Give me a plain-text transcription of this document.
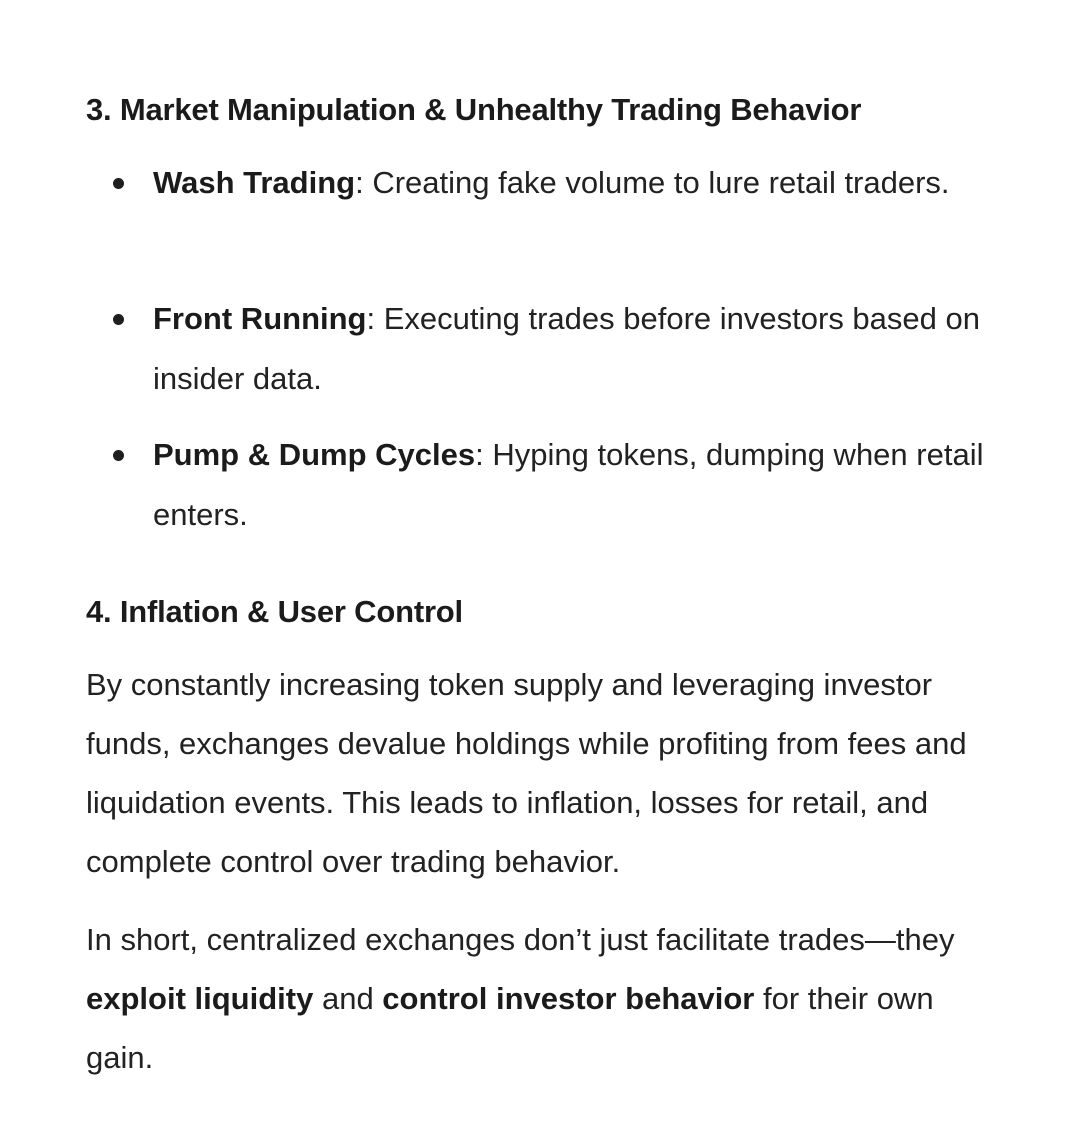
3. Market Manipulation & Unhealthy Trading Behavior

Wash Trading: Creating fake volume to lure retail traders.

Front Running: Executing trades before investors based on insider data.

Pump & Dump Cycles: Hyping tokens, dumping when retail enters.

4. Inflation & User Control

By constantly increasing token supply and leveraging investor funds, exchanges devalue holdings while profiting from fees and liquidation events. This leads to inflation, losses for retail, and complete control over trading behavior.

In short, centralized exchanges don’t just facilitate trades—they exploit liquidity and control investor behavior for their own gain.
